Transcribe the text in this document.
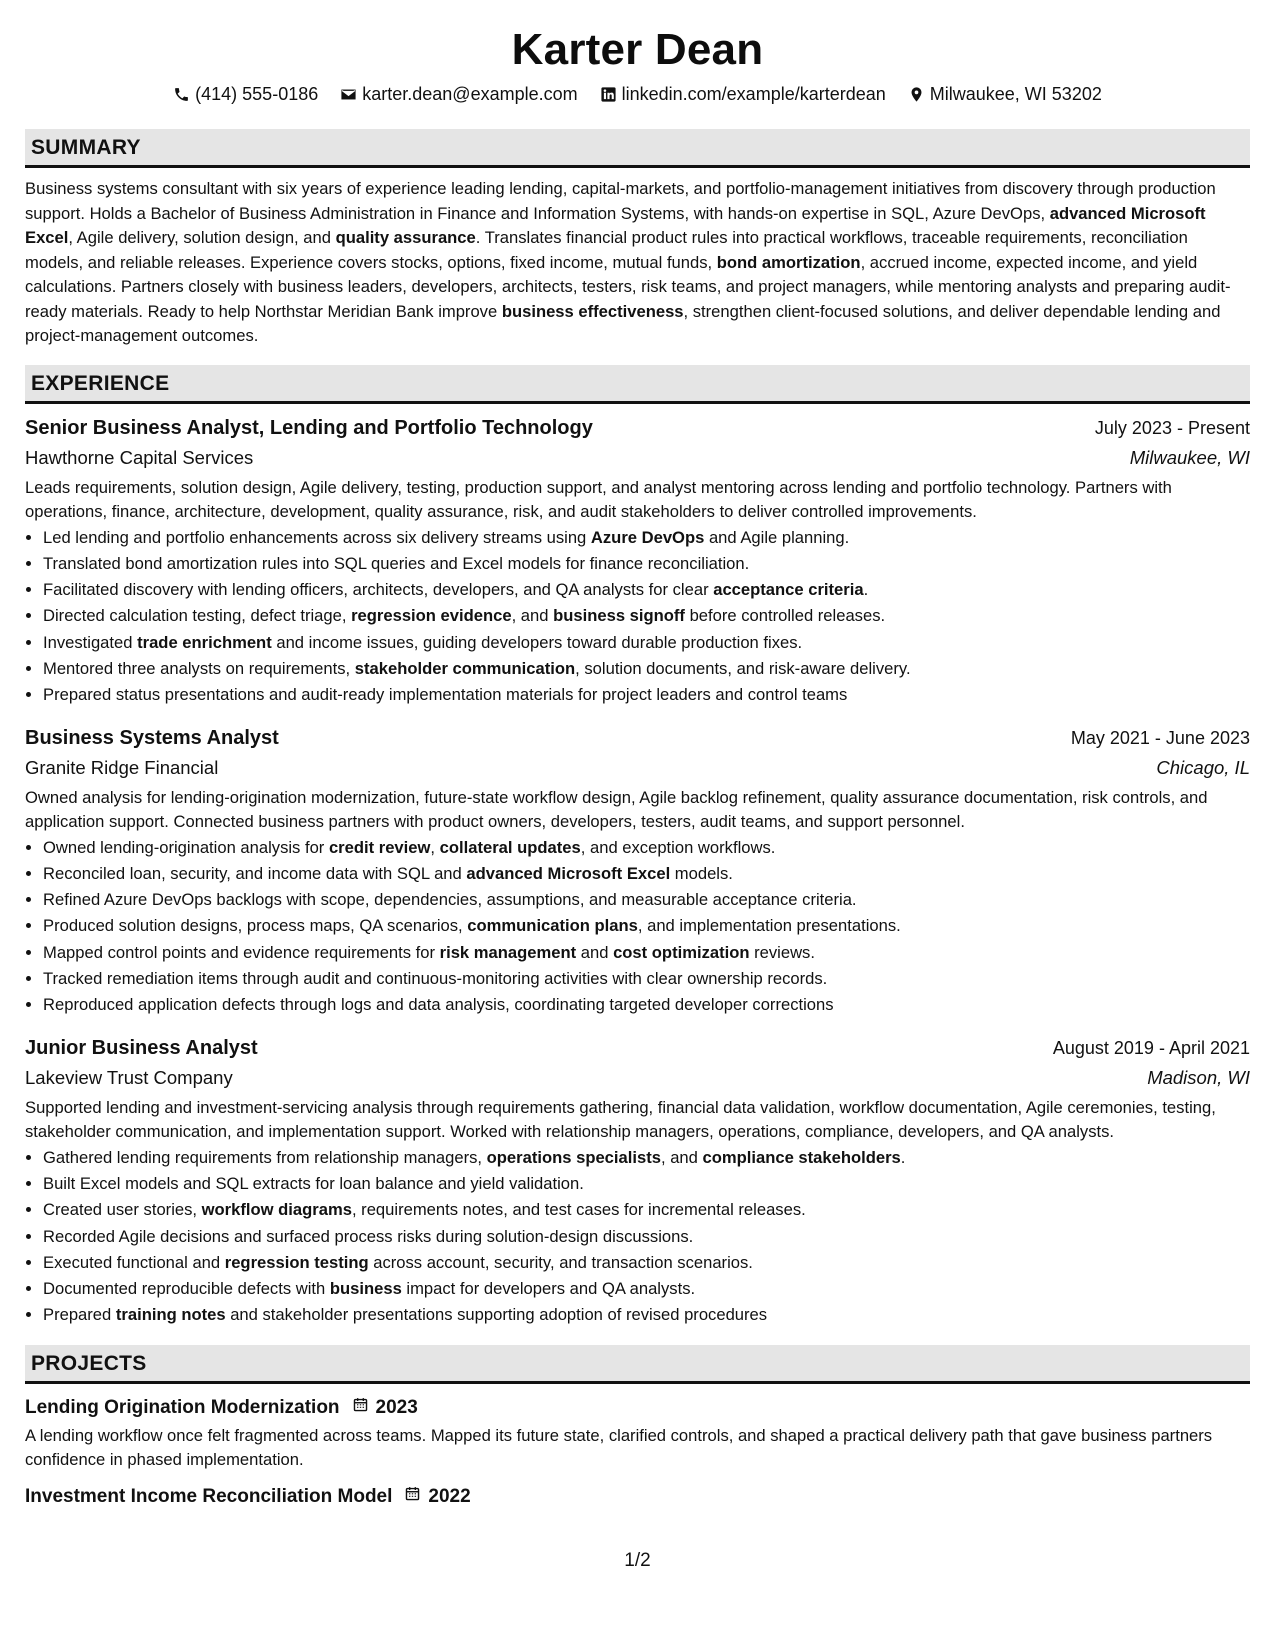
Karter Dean
(414) 555-0186 karter.dean@example.com linkedin.com/example/karterdean Milwaukee, WI 53202
SUMMARY

Business systems consultant with six years of experience leading lending, capital-markets, and portfolio-management initiatives from discovery through production support. Holds a Bachelor of Business Administration in Finance and Information Systems, with hands-on expertise in SQL, Azure DevOps, advanced Microsoft Excel, Agile delivery, solution design, and quality assurance. Translates financial product rules into practical workflows, traceable requirements, reconciliation models, and reliable releases. Experience covers stocks, options, fixed income, mutual funds, bond amortization, accrued income, expected income, and yield calculations. Partners closely with business leaders, developers, architects, testers, risk teams, and project managers, while mentoring analysts and preparing audit-ready materials. Ready to help Northstar Meridian Bank improve business effectiveness, strengthen client-focused solutions, and deliver dependable lending and project-management outcomes.

EXPERIENCE
Senior Business Analyst, Lending and Portfolio Technology	July 2023 - Present
Hawthorne Capital Services	Milwaukee, WI
Leads requirements, solution design, Agile delivery, testing, production support, and analyst mentoring across lending and portfolio technology. Partners with operations, finance, architecture, development, quality assurance, risk, and audit stakeholders to deliver controlled improvements.
• Led lending and portfolio enhancements across six delivery streams using Azure DevOps and Agile planning.
• Translated bond amortization rules into SQL queries and Excel models for finance reconciliation.
• Facilitated discovery with lending officers, architects, developers, and QA analysts for clear acceptance criteria.
• Directed calculation testing, defect triage, regression evidence, and business signoff before controlled releases.
• Investigated trade enrichment and income issues, guiding developers toward durable production fixes.
• Mentored three analysts on requirements, stakeholder communication, solution documents, and risk-aware delivery.
• Prepared status presentations and audit-ready implementation materials for project leaders and control teams
Business Systems Analyst	May 2021 - June 2023
Granite Ridge Financial	Chicago, IL
Owned analysis for lending-origination modernization, future-state workflow design, Agile backlog refinement, quality assurance documentation, risk controls, and application support. Connected business partners with product owners, developers, testers, audit teams, and support personnel.
• Owned lending-origination analysis for credit review, collateral updates, and exception workflows.
• Reconciled loan, security, and income data with SQL and advanced Microsoft Excel models.
• Refined Azure DevOps backlogs with scope, dependencies, assumptions, and measurable acceptance criteria.
• Produced solution designs, process maps, QA scenarios, communication plans, and implementation presentations.
• Mapped control points and evidence requirements for risk management and cost optimization reviews.
• Tracked remediation items through audit and continuous-monitoring activities with clear ownership records.
• Reproduced application defects through logs and data analysis, coordinating targeted developer corrections
Junior Business Analyst	August 2019 - April 2021
Lakeview Trust Company	Madison, WI
Supported lending and investment-servicing analysis through requirements gathering, financial data validation, workflow documentation, Agile ceremonies, testing, stakeholder communication, and implementation support. Worked with relationship managers, operations, compliance, developers, and QA analysts.
• Gathered lending requirements from relationship managers, operations specialists, and compliance stakeholders.
• Built Excel models and SQL extracts for loan balance and yield validation.
• Created user stories, workflow diagrams, requirements notes, and test cases for incremental releases.
• Recorded Agile decisions and surfaced process risks during solution-design discussions.
• Executed functional and regression testing across account, security, and transaction scenarios.
• Documented reproducible defects with business impact for developers and QA analysts.
• Prepared training notes and stakeholder presentations supporting adoption of revised procedures
PROJECTS
Lending Origination Modernization 2023
A lending workflow once felt fragmented across teams. Mapped its future state, clarified controls, and shaped a practical delivery path that gave business partners confidence in phased implementation.
Investment Income Reconciliation Model 2022
1/2
